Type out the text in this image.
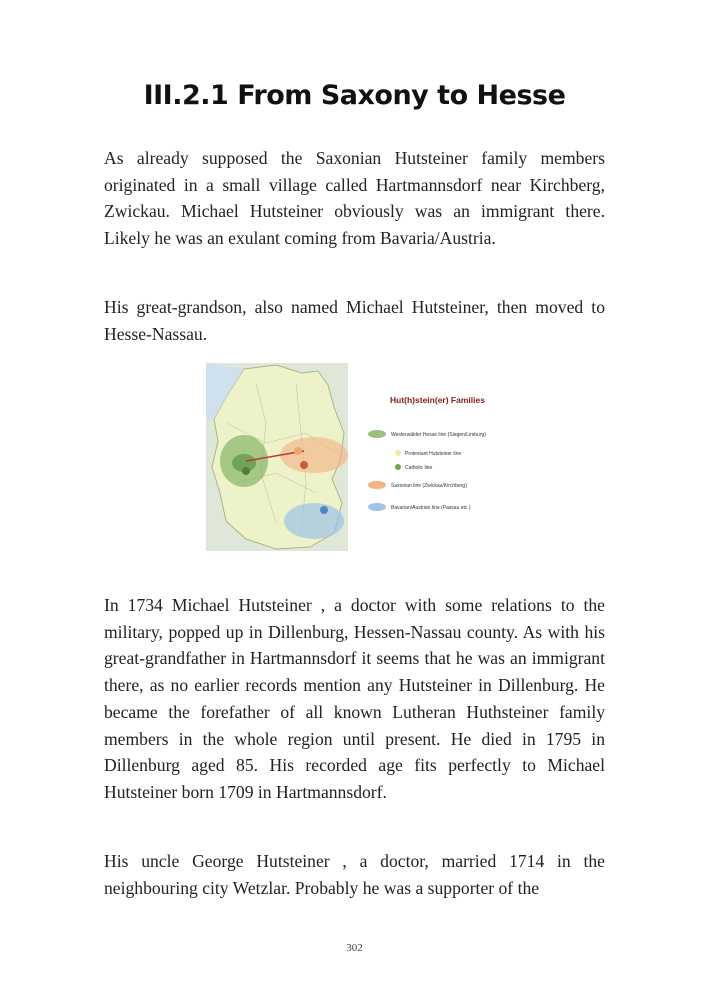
III.2.1 From Saxony to Hesse

As already supposed the Saxonian Hutsteiner family members originated in a small village called Hartmannsdorf near Kirchberg, Zwickau. Michael Hutsteiner obviously was an immigrant there. Likely he was an exulant coming from Bavaria/Austria.

His great-grandson, also named Michael Hutsteiner, then moved to Hesse-Nassau.

Hut(h)stein(er) Families
Westerwälder Hesse line (Siegen/Limburg)
Protestant Hutsteiner line
Catholic line
Saxonian line (Zwickau/Kirchberg)
Bavarian/Austrian line (Passau etc.)

In 1734 Michael Hutsteiner , a doctor with some relations to the military, popped up in Dillenburg, Hessen-Nassau county. As with his great-grandfather in Hartmannsdorf it seems that he was an immigrant there, as no earlier records mention any Hutsteiner in Dillenburg. He became the forefather of all known Lutheran Huthsteiner family members in the whole region until present. He died in 1795 in Dillenburg aged 85. His recorded age fits perfectly to Michael Hutsteiner born 1709 in Hartmannsdorf.

His uncle George Hutsteiner , a doctor, married 1714 in the neighbouring city Wetzlar. Probably he was a supporter of the

302
